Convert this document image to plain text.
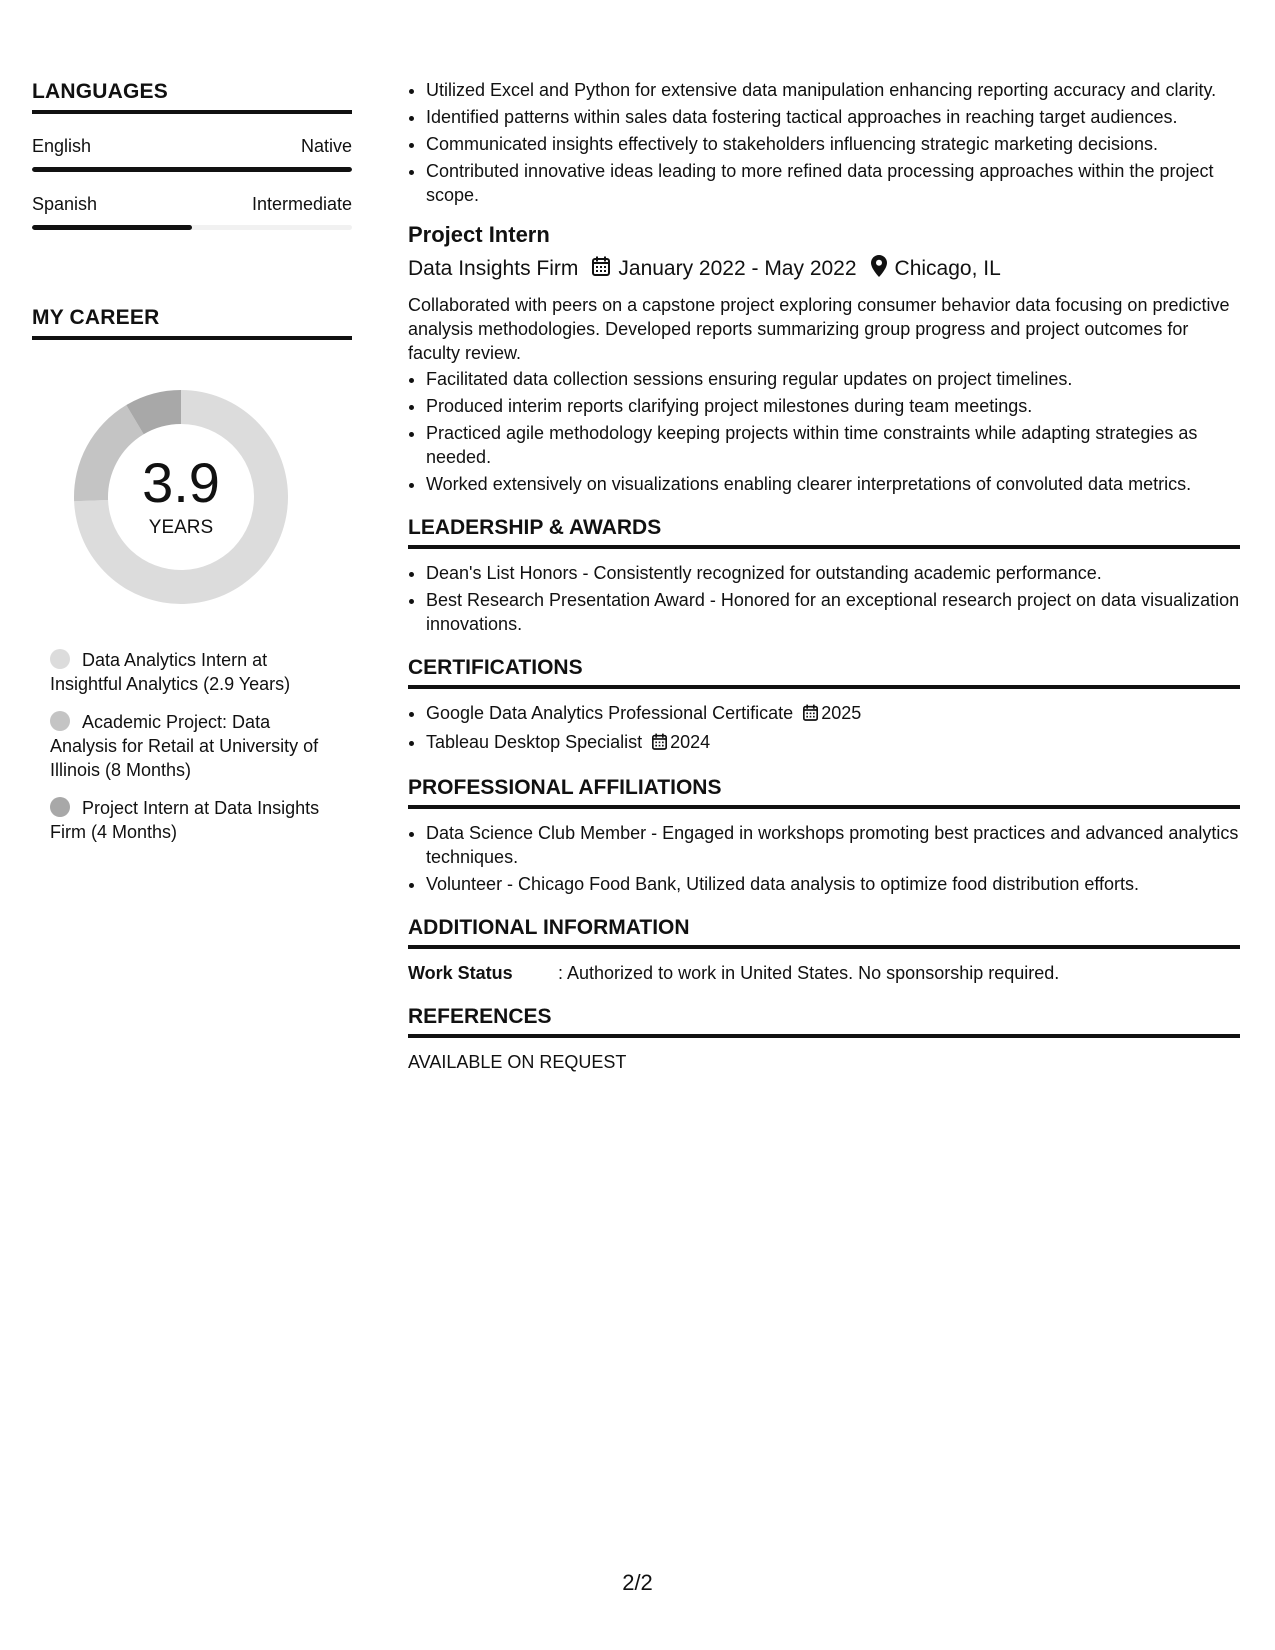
LANGUAGES
English	Native
Spanish	Intermediate
MY CAREER
3.9
YEARS
Data Analytics Intern at Insightful Analytics (2.9 Years)
Academic Project: Data Analysis for Retail at University of Illinois (8 Months)
Project Intern at Data Insights Firm (4 Months)
• Utilized Excel and Python for extensive data manipulation enhancing reporting accuracy and clarity.
• Identified patterns within sales data fostering tactical approaches in reaching target audiences.
• Communicated insights effectively to stakeholders influencing strategic marketing decisions.
• Contributed innovative ideas leading to more refined data processing approaches within the project scope.
Project Intern
Data Insights Firm January 2022 - May 2022 Chicago, IL
Collaborated with peers on a capstone project exploring consumer behavior data focusing on predictive analysis methodologies. Developed reports summarizing group progress and project outcomes for faculty review.
• Facilitated data collection sessions ensuring regular updates on project timelines.
• Produced interim reports clarifying project milestones during team meetings.
• Practiced agile methodology keeping projects within time constraints while adapting strategies as needed.
• Worked extensively on visualizations enabling clearer interpretations of convoluted data metrics.
LEADERSHIP & AWARDS
• Dean's List Honors - Consistently recognized for outstanding academic performance.
• Best Research Presentation Award - Honored for an exceptional research project on data visualization innovations.
CERTIFICATIONS
• Google Data Analytics Professional Certificate 2025
• Tableau Desktop Specialist 2024
PROFESSIONAL AFFILIATIONS
• Data Science Club Member - Engaged in workshops promoting best practices and advanced analytics techniques.
• Volunteer - Chicago Food Bank, Utilized data analysis to optimize food distribution efforts.
ADDITIONAL INFORMATION
Work Status	: Authorized to work in United States. No sponsorship required.
REFERENCES
AVAILABLE ON REQUEST
2/2
